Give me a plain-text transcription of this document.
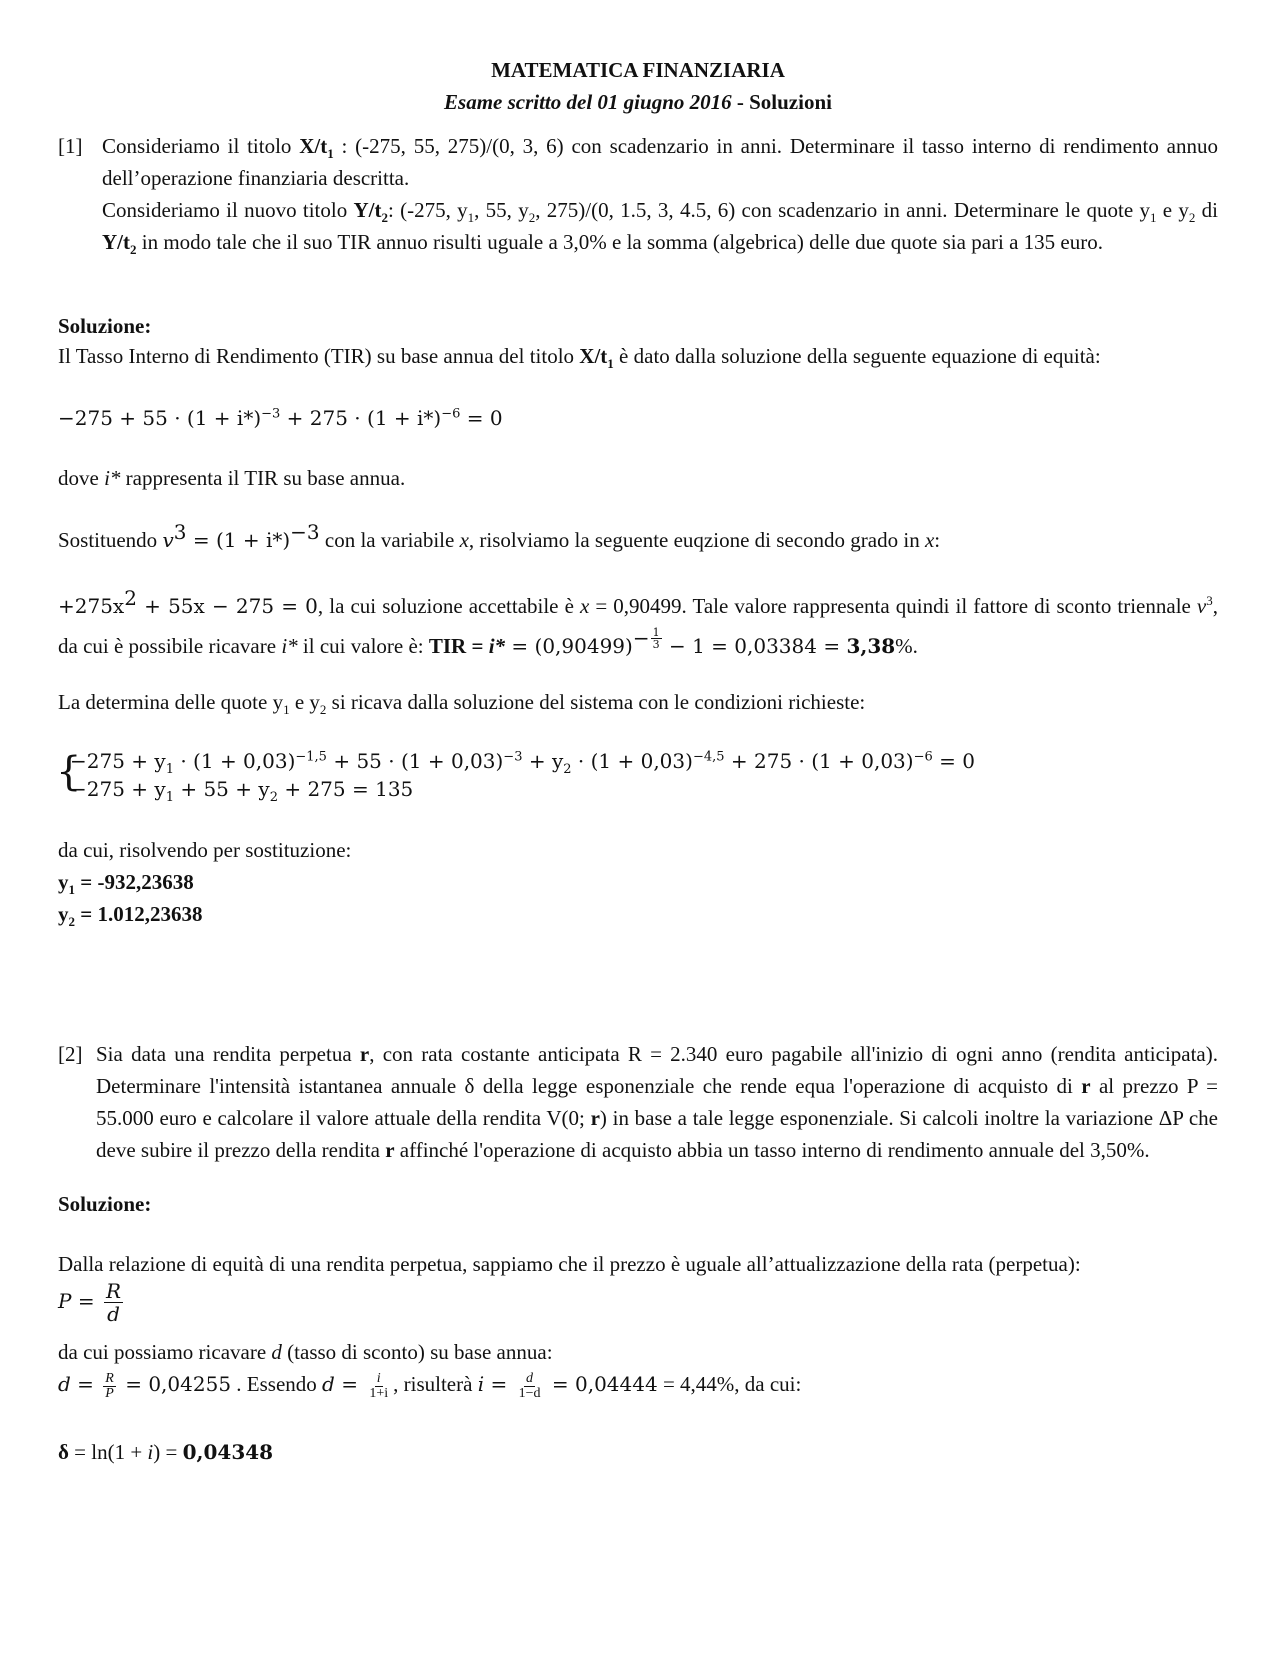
MATEMATICA FINANZIARIA
Esame scritto del 01 giugno 2016 - Soluzioni
[1] Consideriamo il titolo $X/t_1$ : (-275, 55, 275)/(0, 3, 6) con scadenzario in anni. Determinare il tasso interno di rendimento annuo dell’operazione finanziaria descritta.
Consideriamo il nuovo titolo $Y/t_2$: (-275, $y_1$, 55, $y_2$, 275)/(0, 1.5, 3, 4.5, 6) con scadenzario in anni. Determinare le quote $y_1$ e $y_2$ di $Y/t_2$ in modo tale che il suo TIR annuo risulti uguale a 3,0% e la somma (algebrica) delle due quote sia pari a 135 euro.
Soluzione:
Il Tasso Interno di Rendimento (TIR) su base annua del titolo $X/t_1$ è dato dalla soluzione della seguente equazione di equità:
$-275 + 55 \cdot (1 + i*)^{-3} + 275 \cdot (1 + i*)^{-6} = 0$
dove i* rappresenta il TIR su base annua.
Sostituendo $v^3 = (1 + i*)^{-3}$ con la variabile x, risolviamo la seguente euqzione di secondo grado in x:
$+275x^2 + 55x - 275 = 0$, la cui soluzione accettabile è x = 0,90499. Tale valore rappresenta quindi il fattore di sconto triennale $v^3$, da cui è possibile ricavare i* il cui valore è: TIR = i* = (0,90499) $^{- \frac{1}{3}}$ − 1 = 0,03384 = 3,38%.
La determina delle quote $y_1$ e $y_2$ si ricava dalla soluzione del sistema con le condizioni richieste:
{
$-275 + y_1 \cdot (1 + 0,03)^{-1,5} + 55 \cdot (1 + 0,03)^{-3} + y_2 \cdot (1 + 0,03)^{-4,5} + 275 \cdot (1 + 0,03)^{-6} = 0$
$-275 + y_1 + 55 + y_2 + 275 = 135$
da cui, risolvendo per sostituzione:
$y_1 = -932,23638$
$y_2 = 1.012,23638$
[2] Sia data una rendita perpetua r, con rata costante anticipata R = 2.340 euro pagabile all'inizio di ogni anno (rendita anticipata). Determinare l'intensità istantanea annuale δ della legge esponenziale che rende equa l'operazione di acquisto di r al prezzo P = 55.000 euro e calcolare il valore attuale della rendita V(0; r) in base a tale legge esponenziale. Si calcoli inoltre la variazione ΔP che deve subire il prezzo della rendita r affinché l'operazione di acquisto abbia un tasso interno di rendimento annuale del 3,50%.
Soluzione:
Dalla relazione di equità di una rendita perpetua, sappiamo che il prezzo è uguale all’attualizzazione della rata (perpetua):
$P = \frac{R}{d}$
da cui possiamo ricavare d (tasso di sconto) su base annua:
$d = \frac{R}{P} = 0,04255$ . Essendo $d = \frac{i}{1+i}$ , risulterà $i = \frac{d}{1-d} = 0,04444 = 4,44\%$, da cui:
δ = ln(1 + i) = 0,04348
